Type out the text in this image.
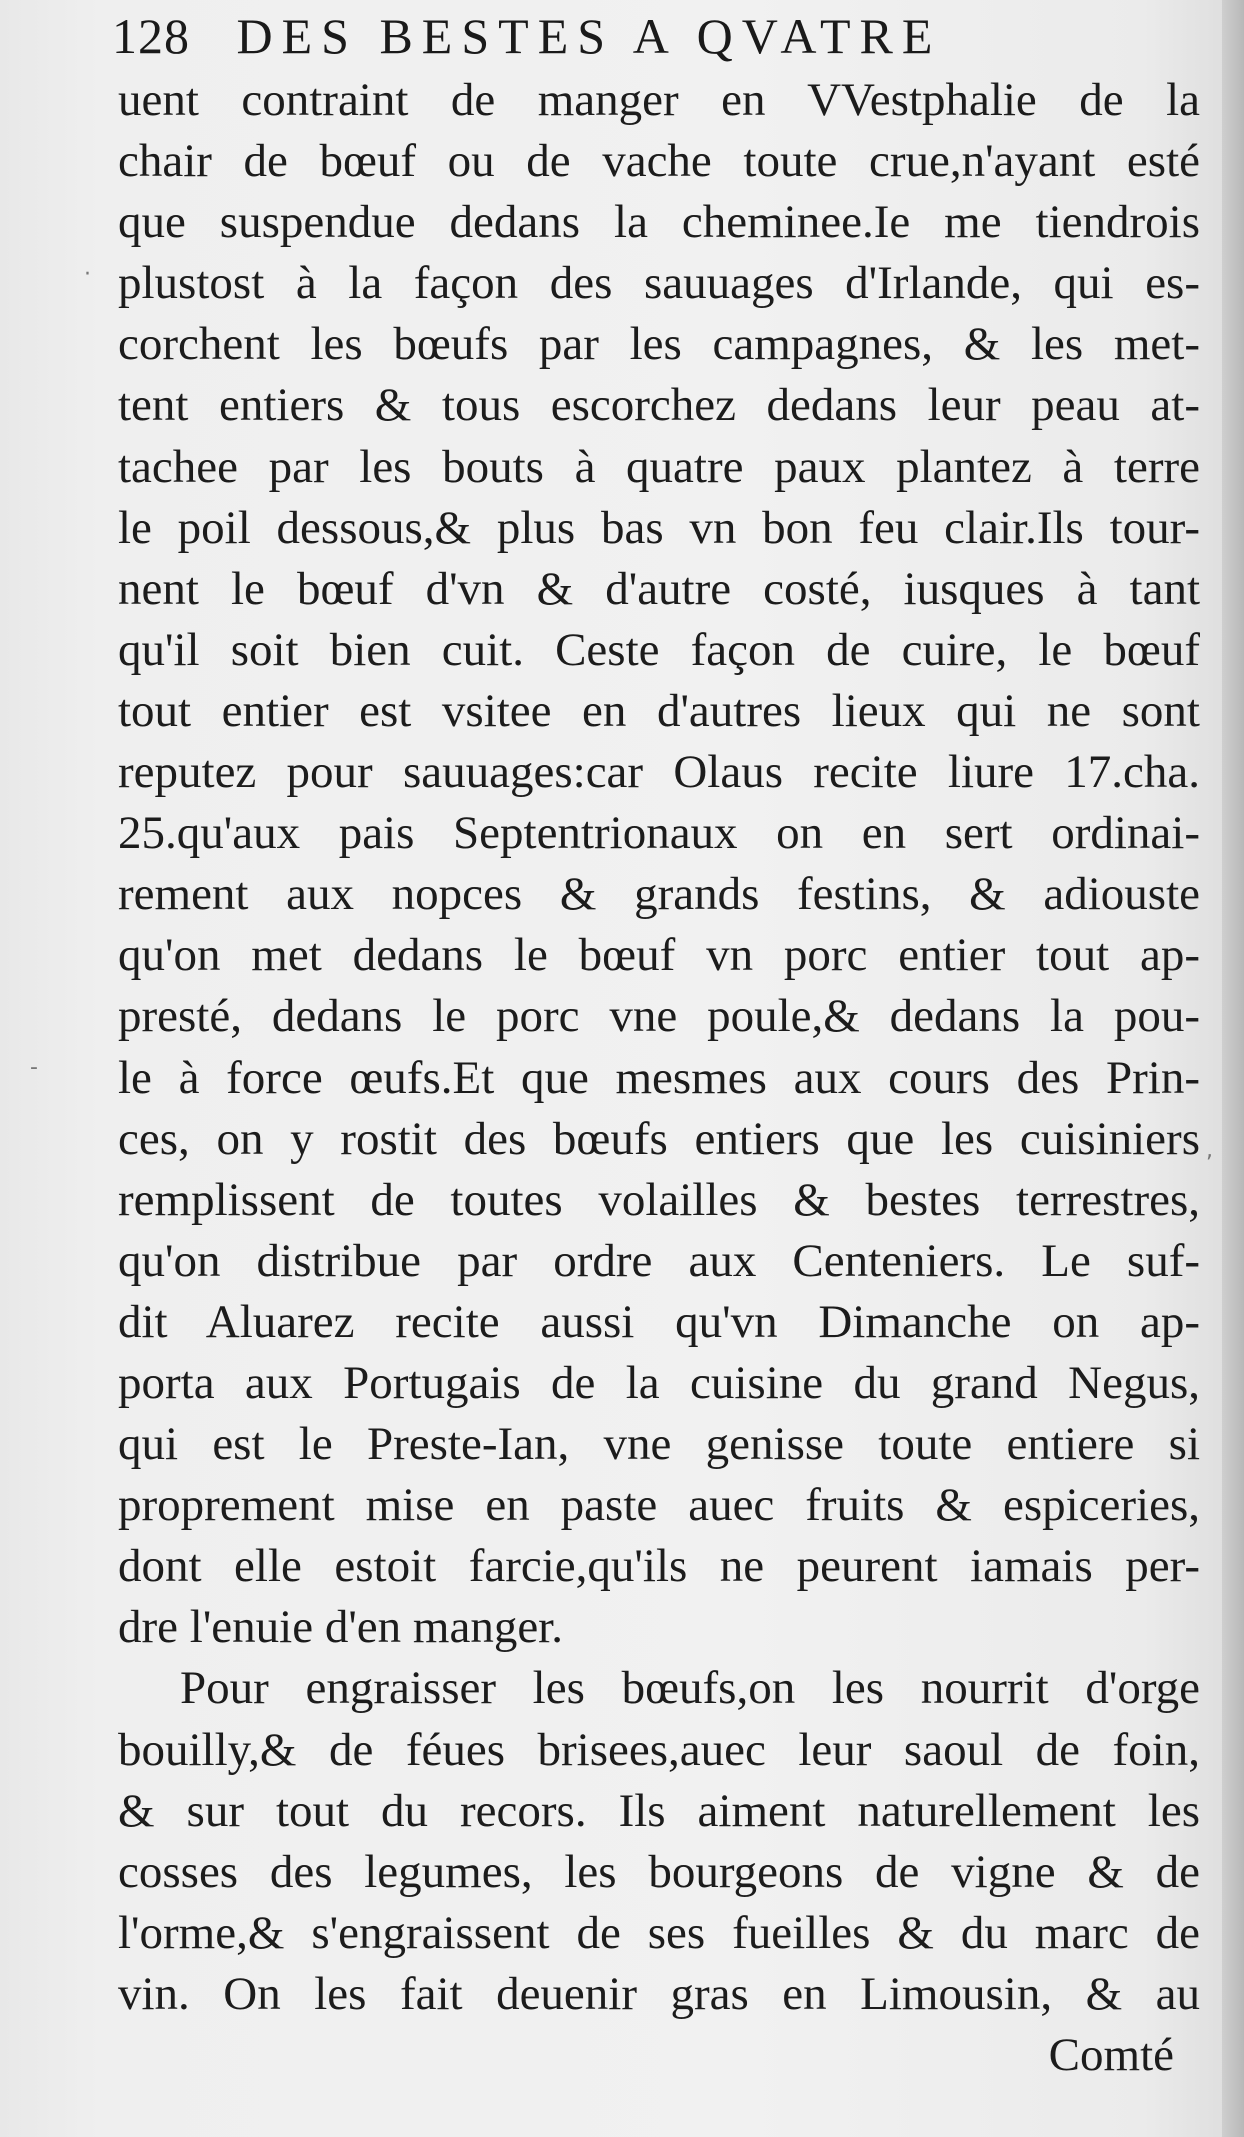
128 DES BESTES A QVATRE
uent contraint de manger en VVestphalie de la
chair de bœuf ou de vache toute crue,n'ayant esté
que suspendue dedans la cheminee.Ie me tiendrois
plustost à la façon des sauuages d'Irlande, qui es-
corchent les bœufs par les campagnes, & les met-
tent entiers & tous escorchez dedans leur peau at-
tachee par les bouts à quatre paux plantez à terre
le poil dessous,& plus bas vn bon feu clair.Ils tour-
nent le bœuf d'vn & d'autre costé, iusques à tant
qu'il soit bien cuit. Ceste façon de cuire, le bœuf
tout entier est vsitee en d'autres lieux qui ne sont
reputez pour sauuages:car Olaus recite liure 17.cha.
25.qu'aux pais Septentrionaux on en sert ordinai-
rement aux nopces & grands festins, & adiouste
qu'on met dedans le bœuf vn porc entier tout ap-
presté, dedans le porc vne poule,& dedans la pou-
le à force œufs.Et que mesmes aux cours des Prin-
ces, on y rostit des bœufs entiers que les cuisiniers
remplissent de toutes volailles & bestes terrestres,
qu'on distribue par ordre aux Centeniers. Le suf-
dit Aluarez recite aussi qu'vn Dimanche on ap-
porta aux Portugais de la cuisine du grand Negus,
qui est le Preste-Ian, vne genisse toute entiere si
proprement mise en paste auec fruits & espiceries,
dont elle estoit farcie,qu'ils ne peurent iamais per-
dre l'enuie d'en manger.
Pour engraisser les bœufs,on les nourrit d'orge
bouilly,& de féues brisees,auec leur saoul de foin,
& sur tout du recors. Ils aiment naturellement les
cosses des legumes, les bourgeons de vigne & de
l'orme,& s'engraissent de ses fueilles & du marc de
vin. On les fait deuenir gras en Limousin, & au
Comté
·
-
,
